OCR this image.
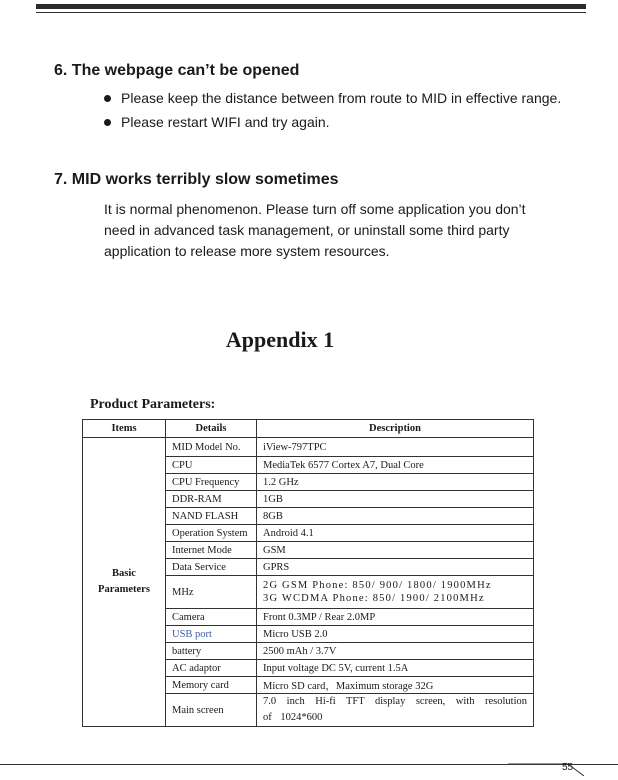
6. The webpage can’t be opened
Please keep the distance between from route to MID in effective range.
Please restart WIFI and try again.
7. MID works terribly slow sometimes
It is normal phenomenon. Please turn off some application you don’t
need in advanced task management, or uninstall some third party
application to release more system resources.
Appendix 1

Product Parameters:

Items	Details	Description

Basic
Parameters	MID Model No.	iView-797TPC
	CPU	MediaTek 6577 Cortex A7, Dual Core
	CPU Frequency	1.2 GHz
	DDR-RAM	1GB
	NAND FLASH	8GB
	Operation System	Android 4.1
	Internet Mode	GSM
	Data Service	GPRS
	MHz	2G GSM Phone: 850/ 900/ 1800/ 1900MHz
3G WCDMA Phone: 850/ 1900/ 2100MHz

	Camera	Front 0.3MP / Rear 2.0MP
	USB port	Micro USB 2.0
	battery	2500 mAh / 3.7V
	AC adaptor	Input voltage DC 5V, current 1.5A
	Memory card	Micro SD card，Maximum storage 32G
	Main screen	7.0 inch Hi-fi TFT display screen, with resolution of 1024*600
55
